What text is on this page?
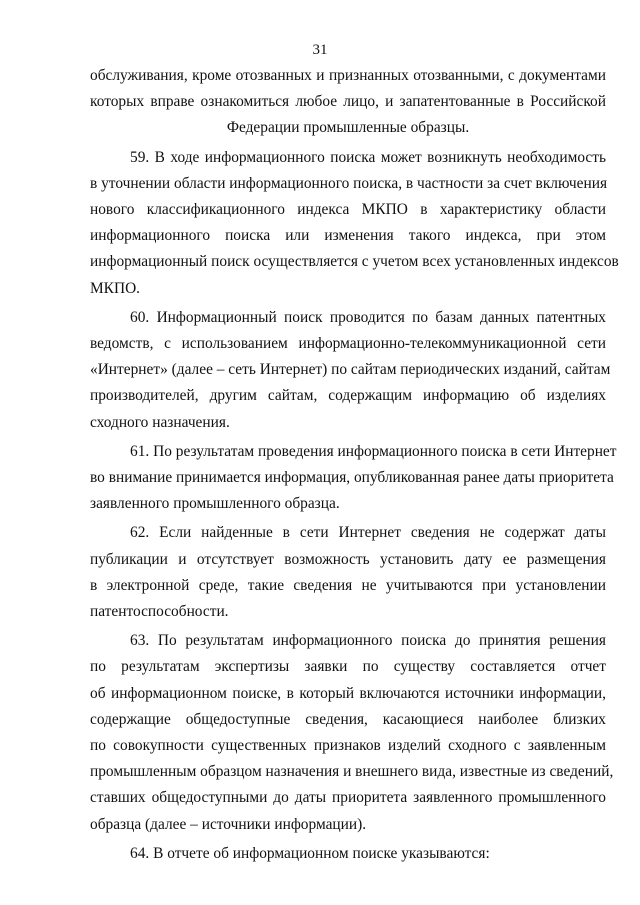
31
обслуживания, кроме отозванных и признанных отозванными, с документами
которых вправе ознакомиться любое лицо, и запатентованные в Российской
Федерации промышленные образцы.
59. В ходе информационного поиска может возникнуть необходимость
в уточнении области информационного поиска, в частности за счет включения
нового классификационного индекса МКПО в характеристику области
информационного поиска или изменения такого индекса, при этом
информационный поиск осуществляется с учетом всех установленных индексов
МКПО.
60. Информационный поиск проводится по базам данных патентных
ведомств, с использованием информационно-телекоммуникационной сети
«Интернет» (далее – сеть Интернет) по сайтам периодических изданий, сайтам
производителей, другим сайтам, содержащим информацию об изделиях
сходного назначения.
61. По результатам проведения информационного поиска в сети Интернет
во внимание принимается информация, опубликованная ранее даты приоритета
заявленного промышленного образца.
62. Если найденные в сети Интернет сведения не содержат даты
публикации и отсутствует возможность установить дату ее размещения
в электронной среде, такие сведения не учитываются при установлении
патентоспособности.
63. По результатам информационного поиска до принятия решения
по результатам экспертизы заявки по существу составляется отчет
об информационном поиске, в который включаются источники информации,
содержащие общедоступные сведения, касающиеся наиболее близких
по совокупности существенных признаков изделий сходного с заявленным
промышленным образцом назначения и внешнего вида, известные из сведений,
ставших общедоступными до даты приоритета заявленного промышленного
образца (далее – источники информации).
64. В отчете об информационном поиске указываются:
